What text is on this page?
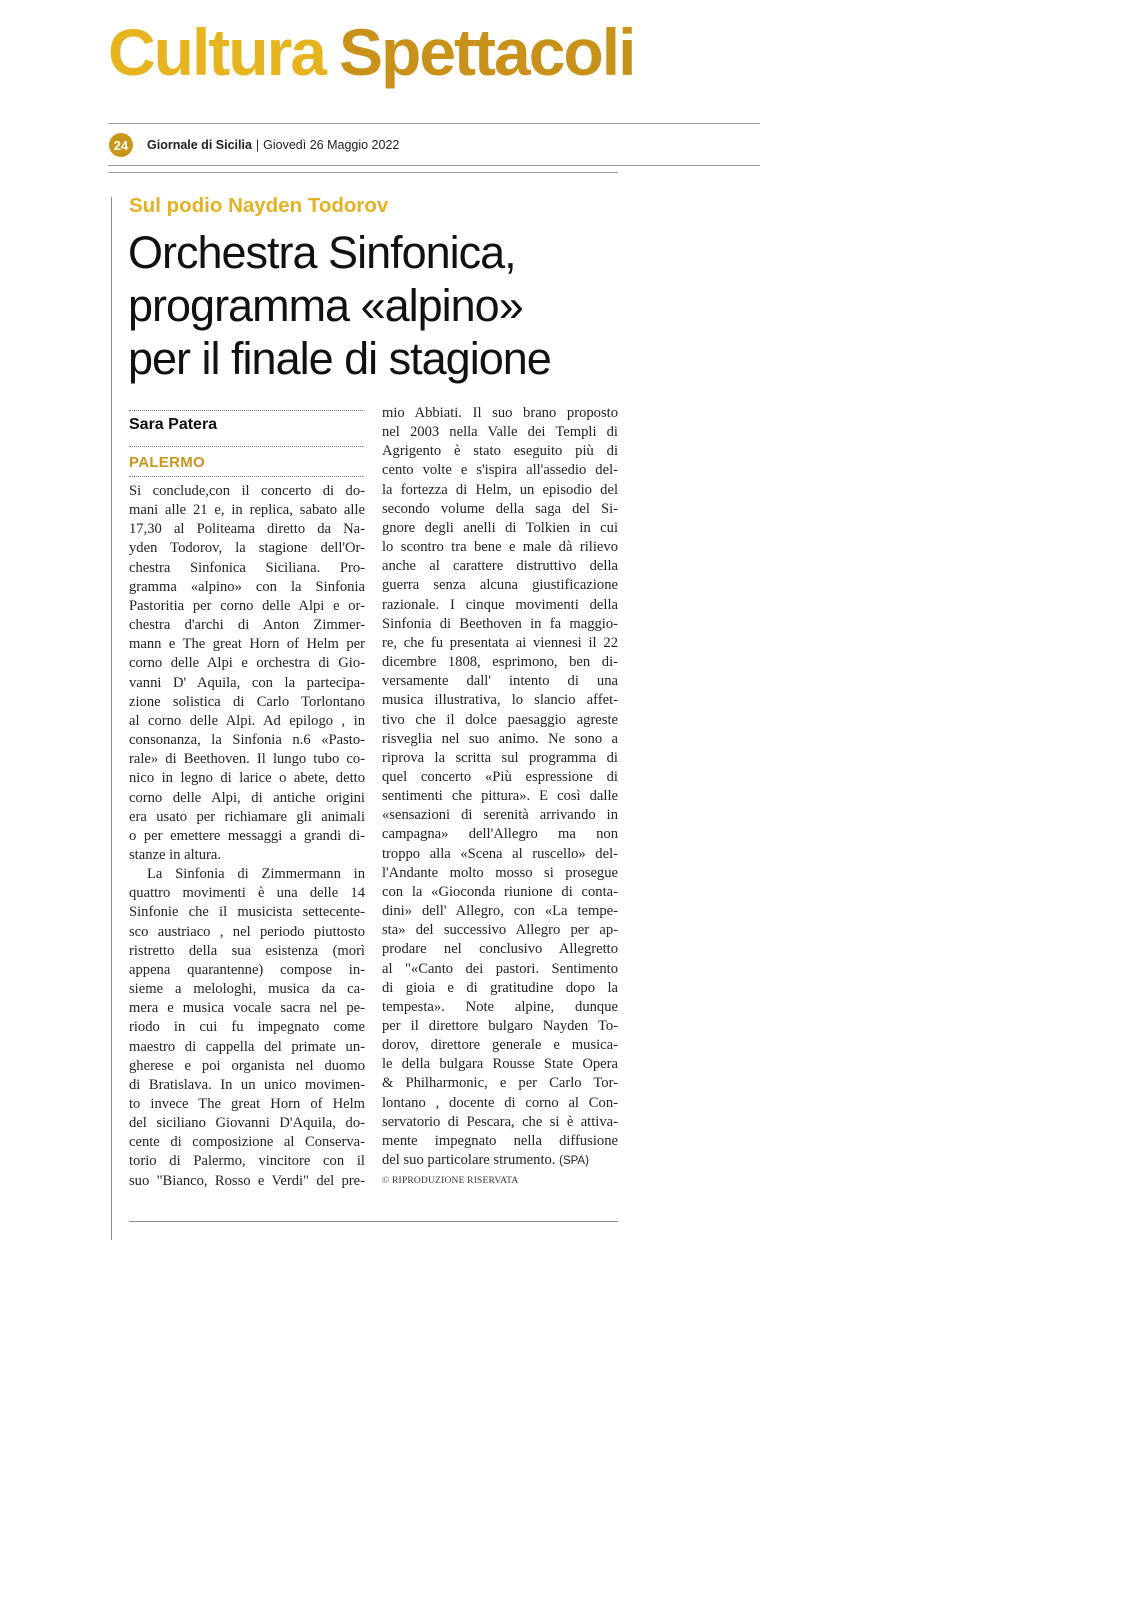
Cultura Spettacoli
24	Giornale di Sicilia | Giovedì 26 Maggio 2022
Sul podio Nayden Todorov
Orchestra Sinfonica,
programma «alpino»
per il finale di stagione
Sara Patera
PALERMO

Si conclude,con il concerto di do-

mani alle 21 e, in replica, sabato alle

17,30 al Politeama diretto da Na-

yden Todorov, la stagione dell'Or-

chestra Sinfonica Siciliana. Pro-

gramma «alpino» con la Sinfonia

Pastoritia per corno delle Alpi e or-

chestra d'archi di Anton Zimmer-

mann e The great Horn of Helm per

corno delle Alpi e orchestra di Gio-

vanni D' Aquila, con la partecipa-

zione solistica di Carlo Torlontano

al corno delle Alpi. Ad epilogo , in

consonanza, la Sinfonia n.6 «Pasto-

rale» di Beethoven. Il lungo tubo co-

nico in legno di larice o abete, detto

corno delle Alpi, di antiche origini

era usato per richiamare gli animali

o per emettere messaggi a grandi di-

stanze in altura.

La Sinfonia di Zimmermann in

quattro movimenti è una delle 14

Sinfonie che il musicista settecente-

sco austriaco , nel periodo piuttosto

ristretto della sua esistenza (morì

appena quarantenne) compose in-

sieme a melologhi, musica da ca-

mera e musica vocale sacra nel pe-

riodo in cui fu impegnato come

maestro di cappella del primate un-

gherese e poi organista nel duomo

di Bratislava. In un unico movimen-

to invece The great Horn of Helm

del siciliano Giovanni D'Aquila, do-

cente di composizione al Conserva-

torio di Palermo, vincitore con il

suo "Bianco, Rosso e Verdi" del pre-

mio Abbiati. Il suo brano proposto

nel 2003 nella Valle dei Templi di

Agrigento è stato eseguito più di

cento volte e s'ispira all'assedio del-

la fortezza di Helm, un episodio del

secondo volume della saga del Si-

gnore degli anelli di Tolkien in cui

lo scontro tra bene e male dà rilievo

anche al carattere distruttivo della

guerra senza alcuna giustificazione

razionale. I cinque movimenti della

Sinfonia di Beethoven in fa maggio-

re, che fu presentata ai viennesi il 22

dicembre 1808, esprimono, ben di-

versamente dall' intento di una

musica illustrativa, lo slancio affet-

tivo che il dolce paesaggio agreste

risveglia nel suo animo. Ne sono a

riprova la scritta sul programma di

quel concerto «Più espressione di

sentimenti che pittura». E così dalle

«sensazioni di serenità arrivando in

campagna» dell'Allegro ma non

troppo alla «Scena al ruscello» del-

l'Andante molto mosso si prosegue

con la «Gioconda riunione di conta-

dini» dell' Allegro, con «La tempe-

sta» del successivo Allegro per ap-

prodare nel conclusivo Allegretto

al "«Canto dei pastori. Sentimento

di gioia e di gratitudine dopo la

tempesta». Note alpine, dunque

per il direttore bulgaro Nayden To-

dorov, direttore generale e musica-

le della bulgara Rousse State Opera

& Philharmonic, e per Carlo Tor-

lontano , docente di corno al Con-

servatorio di Pescara, che si è attiva-

mente impegnato nella diffusione

del suo particolare strumento. (SPA)

© RIPRODUZIONE RISERVATA
